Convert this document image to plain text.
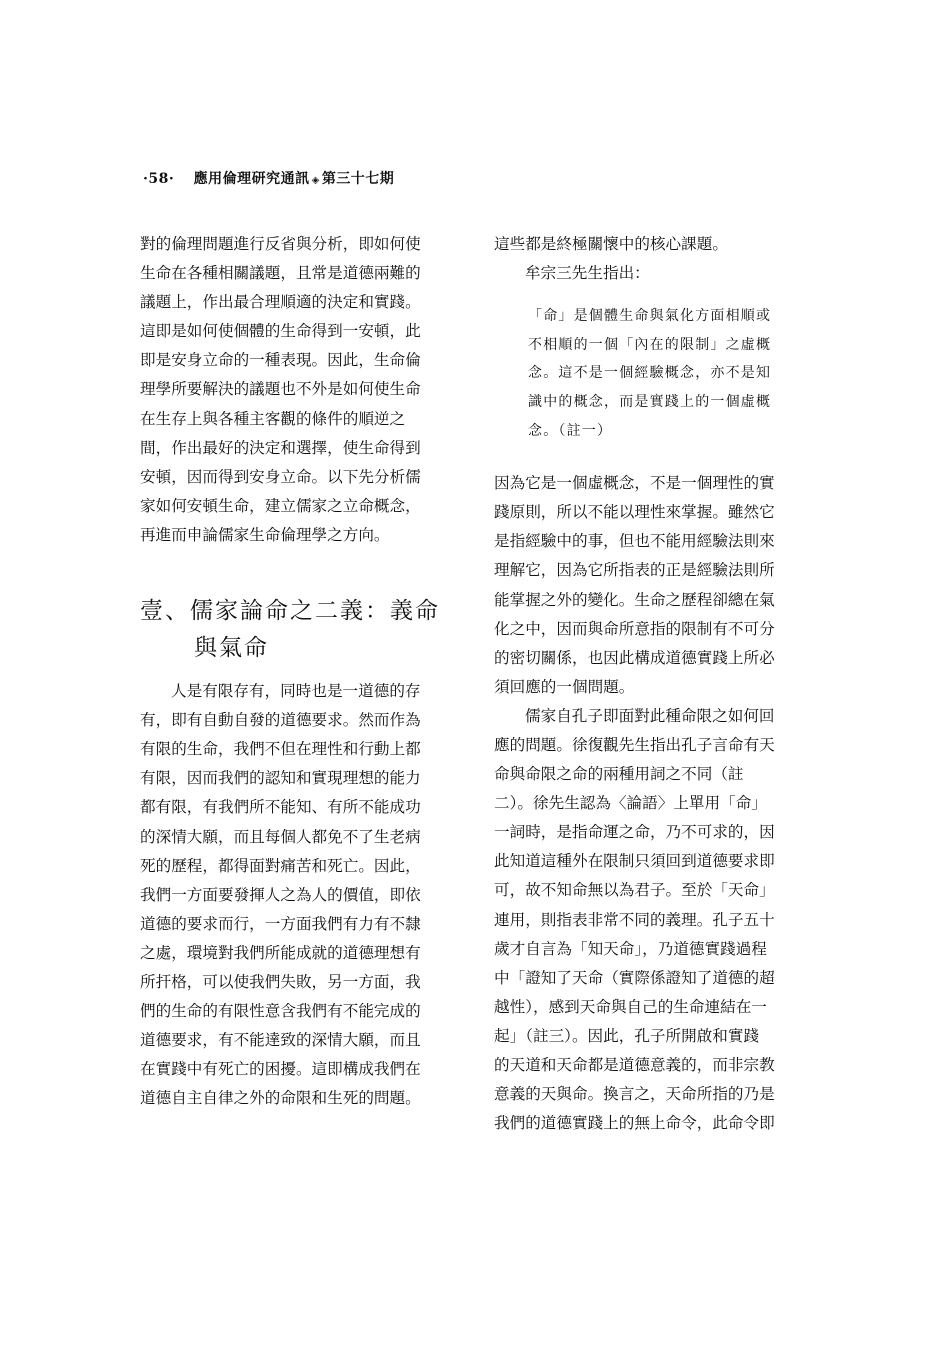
·58· 應用倫理研究通訊 ◈ 第三十七期
對的倫理問題進行反省與分析，即如何使
生命在各種相關議題，且常是道德兩難的
議題上，作出最合理順適的決定和實踐。
這即是如何使個體的生命得到一安頓，此
即是安身立命的一種表現。因此，生命倫
理學所要解決的議題也不外是如何使生命
在生存上與各種主客觀的條件的順逆之
間，作出最好的決定和選擇，使生命得到
安頓，因而得到安身立命。以下先分析儒
家如何安頓生命，建立儒家之立命概念，
再進而申論儒家生命倫理學之方向。
壹、儒家論命之二義：義命
與氣命
人是有限存有，同時也是一道德的存
有，即有自動自發的道德要求。然而作為
有限的生命，我們不但在理性和行動上都
有限，因而我們的認知和實現理想的能力
都有限，有我們所不能知、有所不能成功
的深情大願，而且每個人都免不了生老病
死的歷程，都得面對痛苦和死亡。因此，
我們一方面要發揮人之為人的價值，即依
道德的要求而行，一方面我們有力有不隸
之處，環境對我們所能成就的道德理想有
所扞格，可以使我們失敗，另一方面，我
們的生命的有限性意含我們有不能完成的
道德要求，有不能達致的深情大願，而且
在實踐中有死亡的困擾。這即構成我們在
道德自主自律之外的命限和生死的問題。
這些都是終極關懷中的核心課題。
牟宗三先生指出：
「命」是個體生命與氣化方面相順或
不相順的一個「內在的限制」之虛概
念。這不是一個經驗概念，亦不是知
識中的概念，而是實踐上的一個虛概
念。（註一）
因為它是一個虛概念，不是一個理性的實
踐原則，所以不能以理性來掌握。雖然它
是指經驗中的事，但也不能用經驗法則來
理解它，因為它所指表的正是經驗法則所
能掌握之外的變化。生命之歷程卻總在氣
化之中，因而與命所意指的限制有不可分
的密切關係，也因此構成道德實踐上所必
須回應的一個問題。
儒家自孔子即面對此種命限之如何回
應的問題。徐復觀先生指出孔子言命有天
命與命限之命的兩種用詞之不同（註
二）。徐先生認為〈論語〉上單用「命」
一詞時，是指命運之命，乃不可求的，因
此知道這種外在限制只須回到道德要求即
可，故不知命無以為君子。至於「天命」
連用，則指表非常不同的義理。孔子五十
歲才自言為「知天命」，乃道德實踐過程
中「證知了天命（實際係證知了道德的超
越性），感到天命與自己的生命連結在一
起」（註三）。因此，孔子所開啟和實踐
的天道和天命都是道德意義的，而非宗教
意義的天與命。換言之，天命所指的乃是
我們的道德實踐上的無上命令，此命令即
